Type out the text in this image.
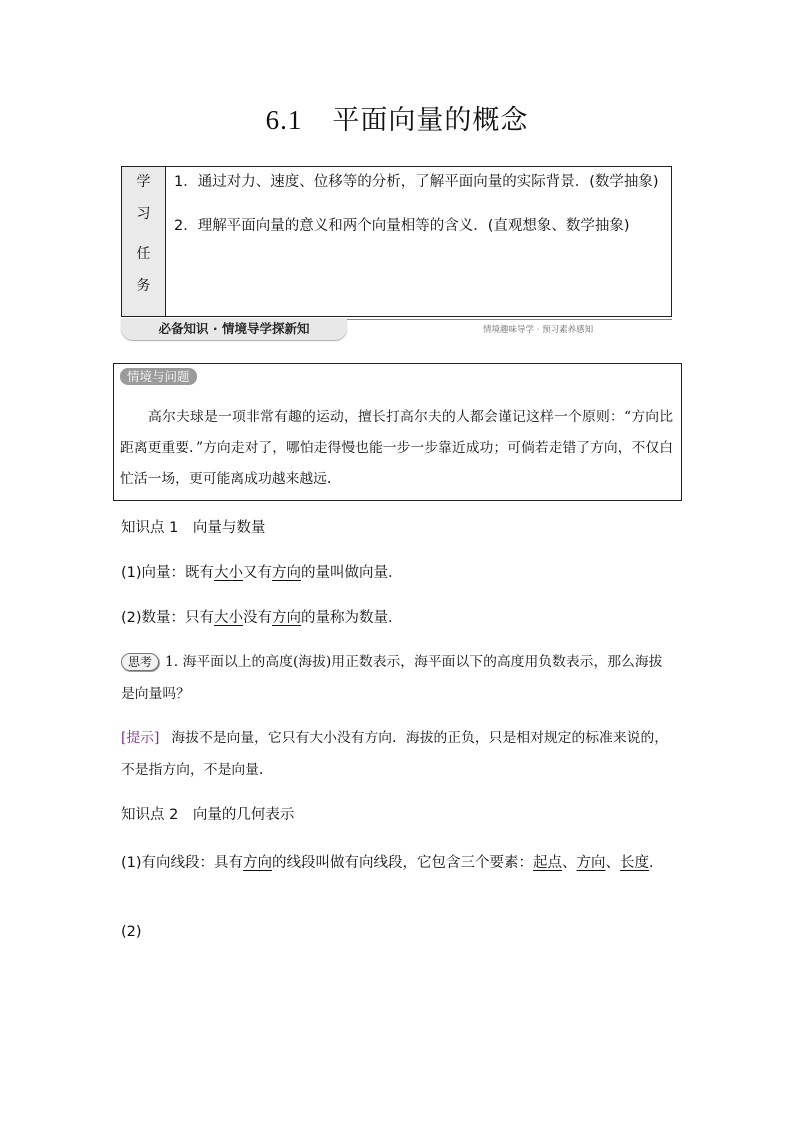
6.1 平面向量的概念
学
习
任
务

1．通过对力、速度、位移等的分析，了解平面向量的实际背景．(数学抽象)

2．理解平面向量的意义和两个向量相等的含义．(直观想象、数学抽象)

必备知识 · 情境导学探新知	情境趣味导学 · 预习素养感知
情境与问题
高尔夫球是一项非常有趣的运动，擅长打高尔夫的人都会谨记这样一个原则：“方向比距离更重要．”方向走对了，哪怕走得慢也能一步一步靠近成功；可倘若走错了方向，不仅白忙活一场，更可能离成功越来越远．
知识点 1　向量与数量
(1)向量：既有大小又有方向的量叫做向量．
(2)数量：只有大小没有方向的量称为数量．
思考 1. 海平面以上的高度(海拔)用正数表示，海平面以下的高度用负数表示，那么海拔是向量吗？
[提示] 海拔不是向量，它只有大小没有方向．海拔的正负，只是相对规定的标准来说的，不是指方向，不是向量．
知识点 2　向量的几何表示
(1)有向线段：具有方向的线段叫做有向线段，它包含三个要素：起点、方向、长度．
(2)
